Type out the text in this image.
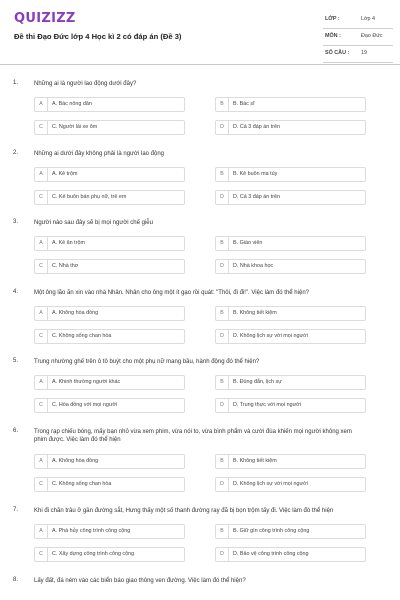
QUIZIZZ
Đề thi Đạo Đức lớp 4 Học kì 2 có đáp án (Đề 3)
LỚP :	Lớp 4
MÔN :	Đạo Đức
SỐ CÂU : 19
1.	Những ai là người lao động dưới đây?
A	A. Bác nông dân	B	B. Bác sĩ
C	C. Người lái xe ôm	D	D. Cả 3 đáp án trên
2.	Những ai dưới đây không phải là người lao động
A	A. Kẻ trộm	B	B. Kẻ buôn ma túy
C	C. Kẻ buôn bán phụ nữ, trẻ em	D	D. Cả 3 đáp án trên
3.	Người nào sau đây sẽ bị mọi người chế giễu
A	A. Kẻ ăn trộm	B	B. Giáo viên
C	C. Nhà thơ	D	D. Nhà khoa học
4.	Một ông lão ăn xin vào nhà Nhân. Nhân cho ông một ít gạo rồi quát: "Thôi, đi đi!". Việc làm đó thể hiện?
A	A. Không hòa đồng	B	B. Không tiết kiệm
C	C. Không sống chan hòa	D	D. Không lịch sự với mọi người
5.	Trung nhường ghế trên ô tô buýt cho một phụ nữ mang bầu, hành động đó thể hiện?
A	A. Khinh thường người khác	B	B. Đúng đắn, lịch sự
C	C. Hòa đồng với mọi người	D	D. Trung thực với mọi người
6.	Trong rạp chiếu bóng, mấy bạn nhỏ vừa xem phim, vừa nói to, vừa bình phẩm và cười đùa khiến mọi người không xem phim được. Việc làm đó thể hiện
A	A. Không hòa đồng	B	B. Không tiết kiệm
C	C. Không sống chan hòa	D	D. Không lịch sự với mọi người
7.	Khi đi chăn trâu ở gần đường sắt, Hưng thấy một số thanh đường ray đã bị bọn trộm tấy đi. Việc làm đó thể hiện
A	A. Phá hủy công trình công cộng	B	B. Giữ gìn công trình công cộng
C	C. Xây dựng công trình công cộng	D	D. Bảo vệ công trình công cộng
8.	Lấy đất, đá ném vào các biển báo giao thông ven đường. Việc làm đó thể hiện?
